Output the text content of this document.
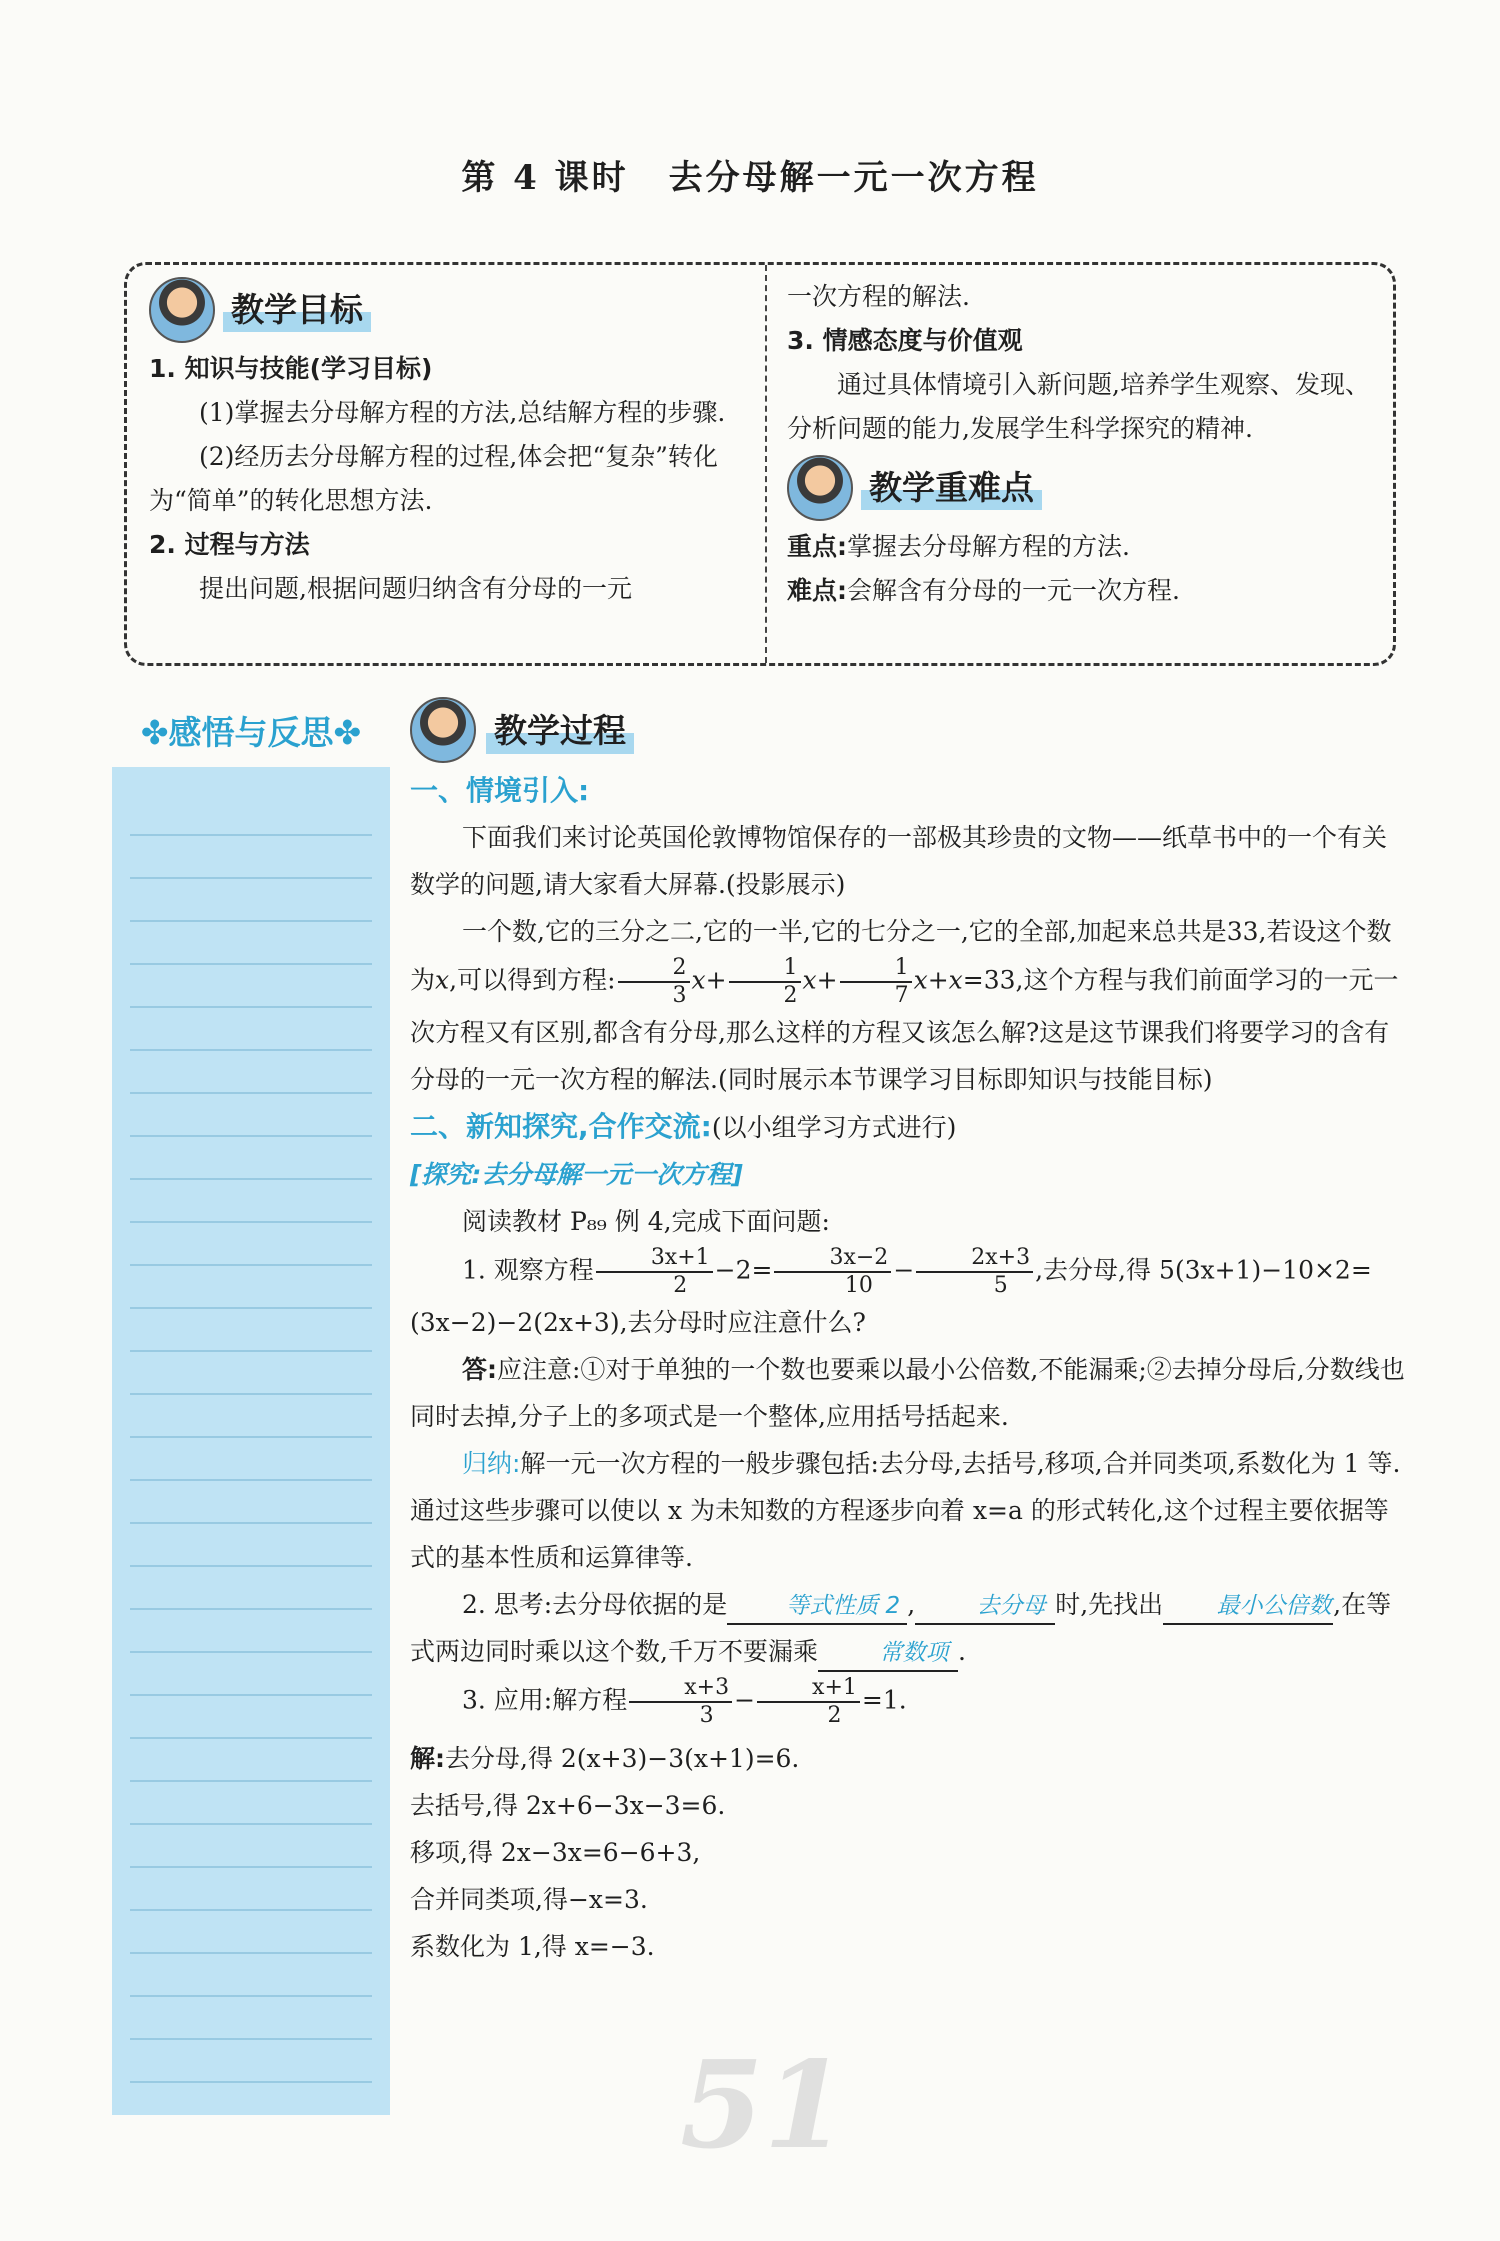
第 4 课时 去分母解一元一次方程
教学目标

1. 知识与技能(学习目标)

(1)掌握去分母解方程的方法,总结解方程的步骤.

(2)经历去分母解方程的过程,体会把“复杂”转化为“简单”的转化思想方法.

2. 过程与方法

提出问题,根据问题归纳含有分母的一元

一次方程的解法.

3. 情感态度与价值观

通过具体情境引入新问题,培养学生观察、发现、分析问题的能力,发展学生科学探究的精神.

教学重难点

重点:掌握去分母解方程的方法.

难点:会解含有分母的一元一次方程.

✤感悟与反思✤	教学过程

一、情境引入:

下面我们来讨论英国伦敦博物馆保存的一部极其珍贵的文物——纸草书中的一个有关数学的问题,请大家看大屏幕.(投影展示)

一个数,它的三分之二,它的一半,它的七分之一,它的全部,加起来总共是33,若设这个数为x,可以得到方程: $\frac{2}{3} x+ \frac{1}{2} x+ \frac{1}{7} x+x=33$,这个方程与我们前面学习的一元一次方程又有区别,都含有分母,那么这样的方程又该怎么解?这是这节课我们将要学习的含有分母的一元一次方程的解法.(同时展示本节课学习目标即知识与技能目标)

二、新知探究,合作交流:(以小组学习方式进行)

[探究:去分母解一元一次方程]

阅读教材 P₈₉ 例 4,完成下面问题:

1. 观察方程 $\frac{3x+1}{2} -2= \frac{3x-2}{10} - \frac{2x+3}{5}$ ,去分母,得 5(3x+1)−10×2=(3x−2)−2(2x+3),去分母时应注意什么?

答:应注意:①对于单独的一个数也要乘以最小公倍数,不能漏乘;②去掉分母后,分数线也同时去掉,分子上的多项式是一个整体,应用括号括起来.

归纳:解一元一次方程的一般步骤包括:去分母,去括号,移项,合并同类项,系数化为 1 等.通过这些步骤可以使以 x 为未知数的方程逐步向着 x=a 的形式转化,这个过程主要依据等式的基本性质和运算律等.

2. 思考:去分母依据的是	等式性质 2 ,	去分母 时,先找出 最小公倍数,在等式两边同时乘以这个数,千万不要漏乘	常数项 .

3. 应用:解方程 $\frac{x+3}{3} - \frac{x+1}{2} =1$.

解:去分母,得 2(x+3)−3(x+1)=6.

去括号,得 2x+6−3x−3=6.

移项,得 2x−3x=6−6+3,

合并同类项,得−x=3.

系数化为 1,得 x=−3.

51
